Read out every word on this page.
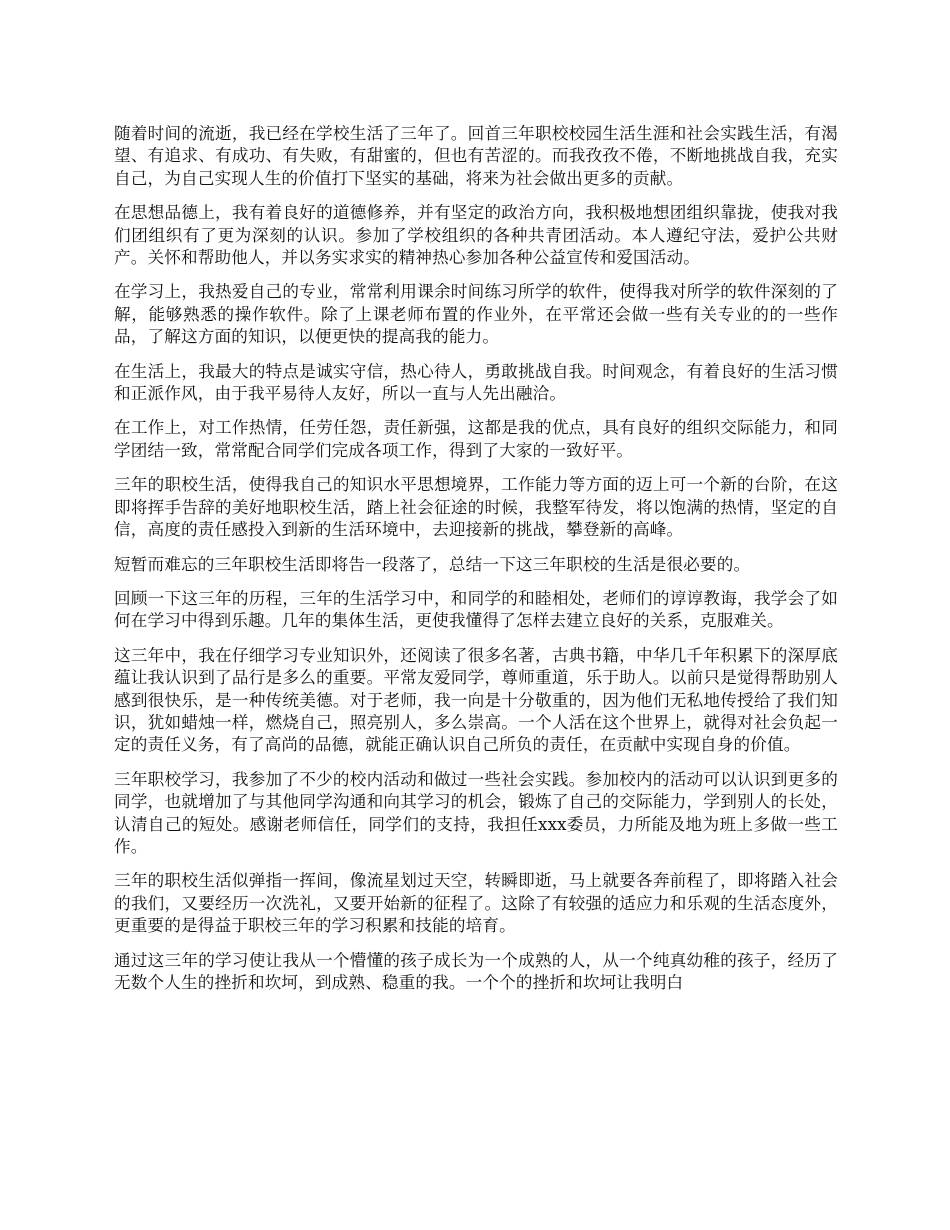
随着时间的流逝，我已经在学校生活了三年了。回首三年职校校园生活生涯和社会实践生活，有渴望、有追求、有成功、有失败，有甜蜜的，但也有苦涩的。而我孜孜不倦，不断地挑战自我，充实自己，为自己实现人生的价值打下坚实的基础，将来为社会做出更多的贡献。

在思想品德上，我有着良好的道德修养，并有坚定的政治方向，我积极地想团组织靠拢，使我对我们团组织有了更为深刻的认识。参加了学校组织的各种共青团活动。本人遵纪守法，爱护公共财产。关怀和帮助他人，并以务实求实的精神热心参加各种公益宣传和爱国活动。

在学习上，我热爱自己的专业，常常利用课余时间练习所学的软件，使得我对所学的软件深刻的了解，能够熟悉的操作软件。除了上课老师布置的作业外，在平常还会做一些有关专业的的一些作品，了解这方面的知识，以便更快的提高我的能力。

在生活上，我最大的特点是诚实守信，热心待人，勇敢挑战自我。时间观念，有着良好的生活习惯和正派作风，由于我平易待人友好，所以一直与人先出融洽。

在工作上，对工作热情，任劳任怨，责任新强，这都是我的优点，具有良好的组织交际能力，和同学团结一致，常常配合同学们完成各项工作，得到了大家的一致好平。

三年的职校生活，使得我自己的知识水平思想境界，工作能力等方面的迈上可一个新的台阶，在这即将挥手告辞的美好地职校生活，踏上社会征途的时候，我整军待发，将以饱满的热情，坚定的自信，高度的责任感投入到新的生活环境中，去迎接新的挑战，攀登新的高峰。

短暂而难忘的三年职校生活即将告一段落了，总结一下这三年职校的生活是很必要的。

回顾一下这三年的历程，三年的生活学习中，和同学的和睦相处，老师们的谆谆教诲，我学会了如何在学习中得到乐趣。几年的集体生活，更使我懂得了怎样去建立良好的关系，克服难关。

这三年中，我在仔细学习专业知识外，还阅读了很多名著，古典书籍，中华几千年积累下的深厚底蕴让我认识到了品行是多么的重要。平常友爱同学，尊师重道，乐于助人。以前只是觉得帮助别人感到很快乐，是一种传统美德。对于老师，我一向是十分敬重的，因为他们无私地传授给了我们知识，犹如蜡烛一样，燃烧自己，照亮别人，多么崇高。一个人活在这个世界上，就得对社会负起一定的责任义务，有了高尚的品德，就能正确认识自己所负的责任，在贡献中实现自身的价值。

三年职校学习，我参加了不少的校内活动和做过一些社会实践。参加校内的活动可以认识到更多的同学，也就增加了与其他同学沟通和向其学习的机会，锻炼了自己的交际能力，学到别人的长处，认清自己的短处。感谢老师信任，同学们的支持，我担任xxx委员，力所能及地为班上多做一些工作。

三年的职校生活似弹指一挥间，像流星划过天空，转瞬即逝，马上就要各奔前程了，即将踏入社会的我们，又要经历一次洗礼，又要开始新的征程了。这除了有较强的适应力和乐观的生活态度外，更重要的是得益于职校三年的学习积累和技能的培育。

通过这三年的学习使让我从一个懵懂的孩子成长为一个成熟的人，从一个纯真幼稚的孩子，经历了无数个人生的挫折和坎坷，到成熟、稳重的我。一个个的挫折和坎坷让我明白
